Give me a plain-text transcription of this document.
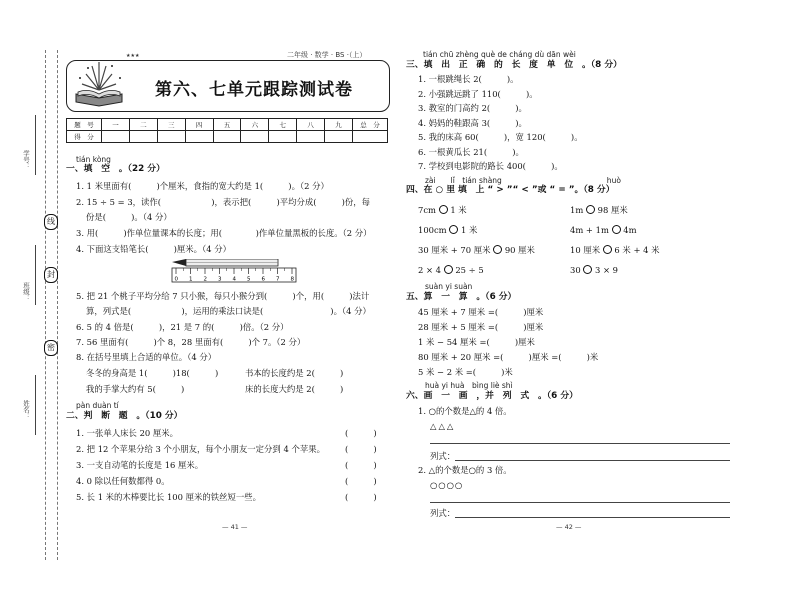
学号：
班级：
姓名：
线
封
密
★★★	二年级 · 数学 · BS ·（上）
第六、七单元跟踪测试卷
题　号	一	二	三	四	五	六	七	八	九	总　分
得　分										
tián kòng
一、填　空　。（22 分）
1. 1 米里面有(　　　)个厘米，食指的宽大约是 1(　　　)。（2 分）
2. 15 ÷ 5 = 3，读作(　　　　　　)，表示把(　　　)平均分成(　　　)份，每
份是(　　　)。（4 分）
3. 用(　　　)作单位量课本的长度；用(　　　　)作单位量黑板的长度。（2 分）
4. 下面这支铅笔长(　　　)厘米。（4 分）
0 1 2 3 4 5 6 7 8
5. 把 21 个桃子平均分给 7 只小猴，每只小猴分到(　　　)个，用(　　　)法计
算，列式是(　　　　　　)，运用的乘法口诀是(　　　　　　　　)。（4 分）
6. 5 的 4 倍是(　　　)，21 是 7 的(　　　)倍。（2 分）
7. 56 里面有(　　　)个 8，28 里面有(　　　)个 7。（2 分）
8. 在括号里填上合适的单位。（4 分）
冬冬的身高是 1(　　　)18(　　　)	书本的长度约是 2(　　　)
我的手掌大约有 5(　　　)	床的长度大约是 2(　　　)
pàn duàn tí
二、判　断　题　。（10 分）
1. 一张单人床长 20 厘米。
2. 把 12 个苹果分给 3 个小朋友，每个小朋友一定分到 4 个苹果。
3. 一支自动笔的长度是 16 厘米。
4. 0 除以任何数都得 0。
5. 长 1 米的木棒要比长 100 厘米的铁丝短一些。
(　　　)
(　　　)
(　　　)
(　　　)
(　　　)
— 41 —
tián chū zhèng què de cháng dù dān wèi
三、填　出　正　确　的　长　度　单　位　。（8 分）
1. 一根跳绳长 2(　　　)。
2. 小强跳远跳了 110(　　　)。
3. 教室的门高约 2(　　　)。
4. 妈妈的鞋跟高 3(　　　)。
5. 我的床高 60(　　　)，宽 120(　　　)。
6. 一根黄瓜长 21(　　　)。
7. 学校到电影院的路长 400(　　　)。
zài　　lǐ　tián shàng　　　　　　　　　　　　　　huò
四、在 ○ 里 填　上 “ > ”“ < ”或 “ = ”。（8 分）
7cm 1 米	1m 98 厘米
100cm 1 米	4m + 1m 4m
30 厘米 + 70 厘米 90 厘米	10 厘米 6 米 + 4 米
2 × 4 25 ÷ 5	30 3 × 9
suàn yi suàn
五、算　一　算　。（6 分）
45 厘米 + 7 厘米 =(　　　)厘米
28 厘米 + 5 厘米 =(　　　)厘米
1 米 − 54 厘米 =(　　　)厘米
80 厘米 + 20 厘米 =(　　　)厘米 =(　　　)米
5 米 − 2 米 =(　　　)米
huà yi huà　bìng liè shì
六、画　一　画　，并　列　式　。（6 分）
1. ○的个数是△的 4 倍。
△△△
列式：
2. △的个数是○的 3 倍。
○○○○
列式：
— 42 —
